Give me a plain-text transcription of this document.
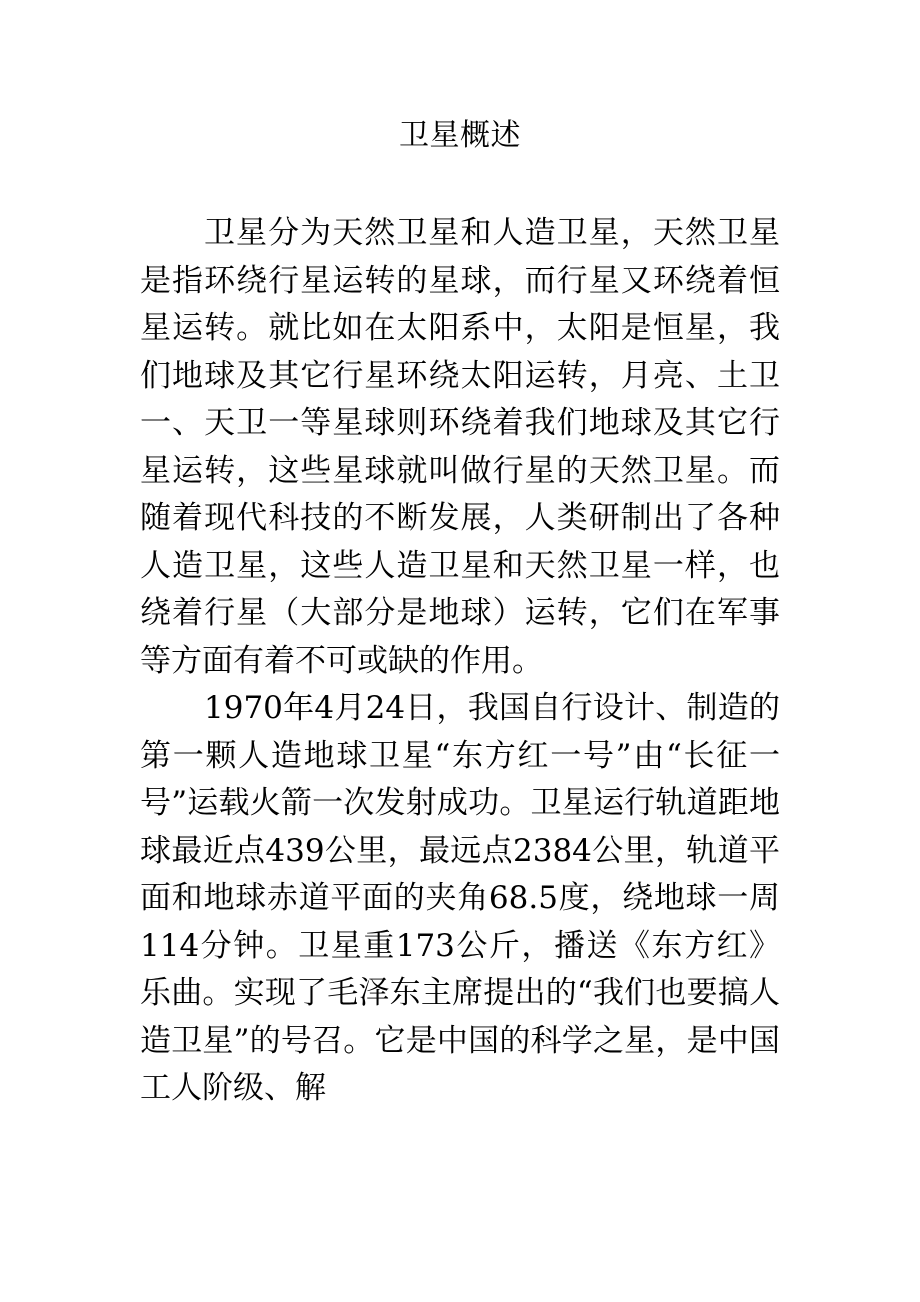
卫星概述

卫星分为天然卫星和人造卫星，天然卫星是指环绕行星运转的星球，而行星又环绕着恒星运转。就比如在太阳系中，太阳是恒星，我们地球及其它行星环绕太阳运转，月亮、土卫一、天卫一等星球则环绕着我们地球及其它行星运转，这些星球就叫做行星的天然卫星。而随着现代科技的不断发展，人类研制出了各种人造卫星，这些人造卫星和天然卫星一样，也绕着行星（大部分是地球）运转，它们在军事等方面有着不可或缺的作用。

1970年4月24日，我国自行设计、制造的第一颗人造地球卫星“东方红一号”由“长征一号”运载火箭一次发射成功。卫星运行轨道距地球最近点439公里，最远点2384公里，轨道平面和地球赤道平面的夹角68.5度，绕地球一周114分钟。卫星重173公斤，播送《东方红》乐曲。实现了毛泽东主席提出的“我们也要搞人造卫星”的号召。它是中国的科学之星，是中国工人阶级、解
